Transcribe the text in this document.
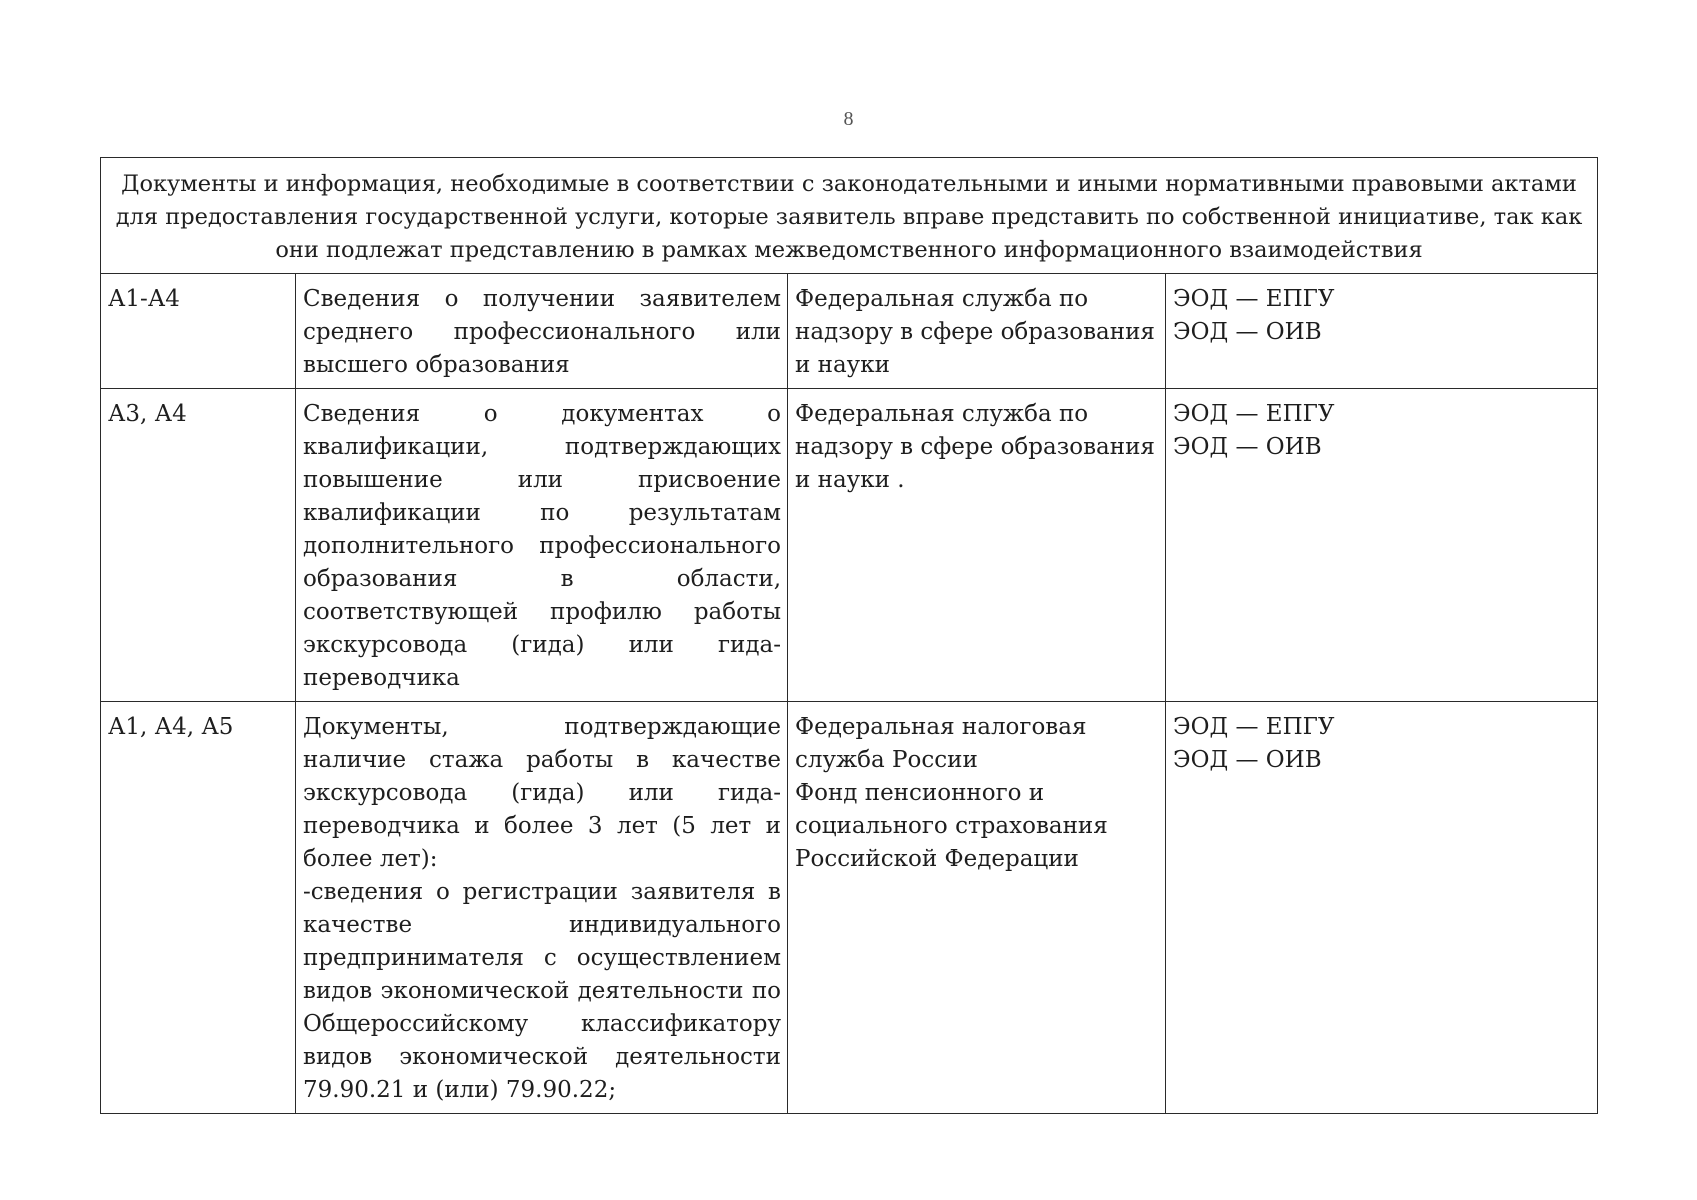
8
Документы и информация, необходимые в соответствии с законодательными и иными нормативными правовыми актами для предоставления государственной услуги, которые заявитель вправе представить по собственной инициативе, так как они подлежат представлению в рамках межведомственного информационного взаимодействия			
А1-А4	Сведения о получении заявителем среднего профессионального или высшего образования	Федеральная служба по надзору в сфере образования и науки	ЭОД — ЕПГУ
ЭОД — ОИВ

А3, А4	Сведения о документах о квалификации, подтверждающих повышение или присвоение квалификации по результатам дополнительного профессионального образования в области, соответствующей профилю работы экскурсовода (гида) или гида-переводчика	Федеральная служба по надзору в сфере образования и науки .	ЭОД — ЕПГУ
ЭОД — ОИВ

А1, А4, А5	Документы, подтверждающие наличие стажа работы в качестве экскурсовода (гида) или гида-переводчика и более 3 лет (5 лет и более лет):
-сведения о регистрации заявителя в качестве индивидуального предпринимателя с осуществлением видов экономической деятельности по Общероссийскому классификатору видов экономической деятельности 79.90.21 и (или) 79.90.22;	Федеральная налоговая служба России
Фонд пенсионного и социального страхования Российской Федерации	ЭОД — ЕПГУ
ЭОД — ОИВ
